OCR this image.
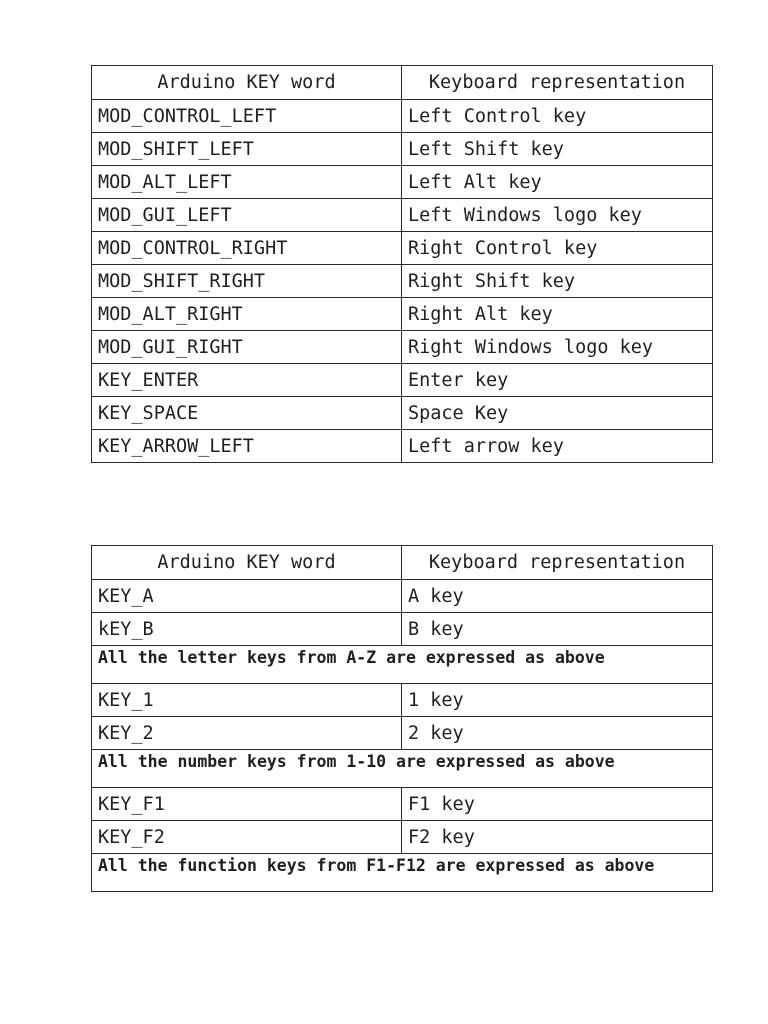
Arduino KEY word	Keyboard representation
MOD_CONTROL_LEFT	Left Control key
MOD_SHIFT_LEFT	Left Shift key
MOD_ALT_LEFT	Left Alt key
MOD_GUI_LEFT	Left Windows logo key
MOD_CONTROL_RIGHT	Right Control key
MOD_SHIFT_RIGHT	Right Shift key
MOD_ALT_RIGHT	Right Alt key
MOD_GUI_RIGHT	Right Windows logo key
KEY_ENTER	Enter key
KEY_SPACE	Space Key
KEY_ARROW_LEFT	Left arrow key
Arduino KEY word	Keyboard representation
KEY_A	A key
kEY_B	B key
All the letter keys from A-Z are expressed as above	
KEY_1	1 key
KEY_2	2 key
All the number keys from 1-10 are expressed as above	
KEY_F1	F1 key
KEY_F2	F2 key
All the function keys from F1-F12 are expressed as above	
